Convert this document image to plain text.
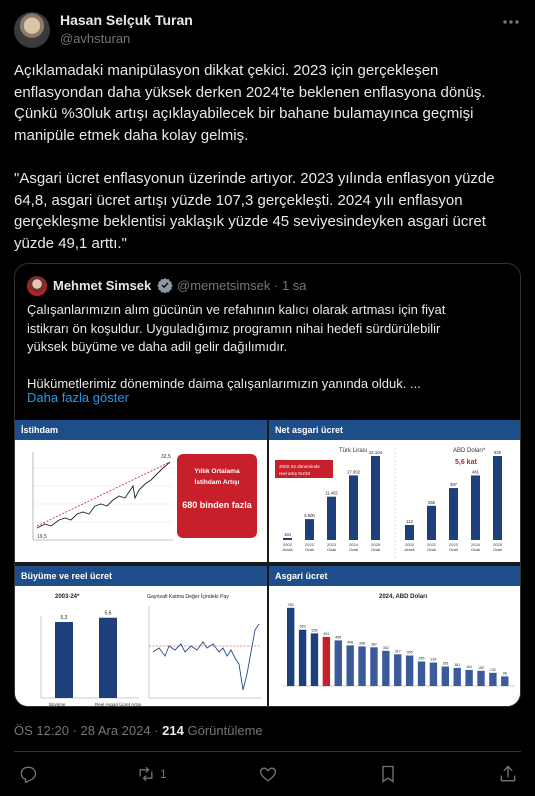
Hasan Selçuk Turan
@avhsturan
Açıklamadaki manipülasyon dikkat çekici. 2023 için gerçekleşen
enflasyondan daha yüksek derken 2024'te beklenen enflasyona dönüş.
Çünkü %30luk artışı açıklayabilecek bir bahane bulamayınca geçmişi
manipüle etmek daha kolay gelmiş.

"Asgari ücret enflasyonun üzerinde artıyor. 2023 yılında enflasyon yüzde
64,8, asgari ücret artışı yüzde 107,3 gerçekleşti. 2024 yılı enflasyon
gerçekleşme beklentisi yaklaşık yüzde 45 seviyesindeyken asgari ücret
yüzde 49,1 arttı."
Mehmet Simsek @memetsimsek · 1 sa
Çalışanlarımızın alım gücünün ve refahının kalıcı olarak artması için fiyat
istikrarı ön koşuldur. Uyguladığımız programın nihai hedefi sürdürülebilir
yüksek büyüme ve daha adil gelir dağılımıdır.

Hükümetlerimiz döneminde daima çalışanlarımızın yanında olduk. ...
Daha fazla göster
İstihdam
19,5
32,5
Yıllık Ortalama
İstihdam Artışı
680 binden fazla
Net asgari ücret
Türk Lirası	ABD Doları*
2002-24 döneminde
reel artış %218
5,6 kat
184
2002
Aralık
5.500
2022
Ocak
11.402
2023
Ocak
17.002
2024
Ocak
22.104
2025
Ocak
112
2002
Aralık
255
2022
Ocak
387
2023
Ocak
481
2024
Ocak
626
2025
Ocak
Büyüme ve reel ücret
2003-24*
5,3
5,6
Büyüme	Reel Asgari Ücret Artışı
Gayrisafi Katma Değer İçindeki Pay
Asgari ücret
2024, ABD Doları
782
563
526
491
456
406 396 387
352
317 305
245 234
195 181 161 152 132
96
ÖS 12:20 · 28 Ara 2024 · 214 Görüntüleme
1
